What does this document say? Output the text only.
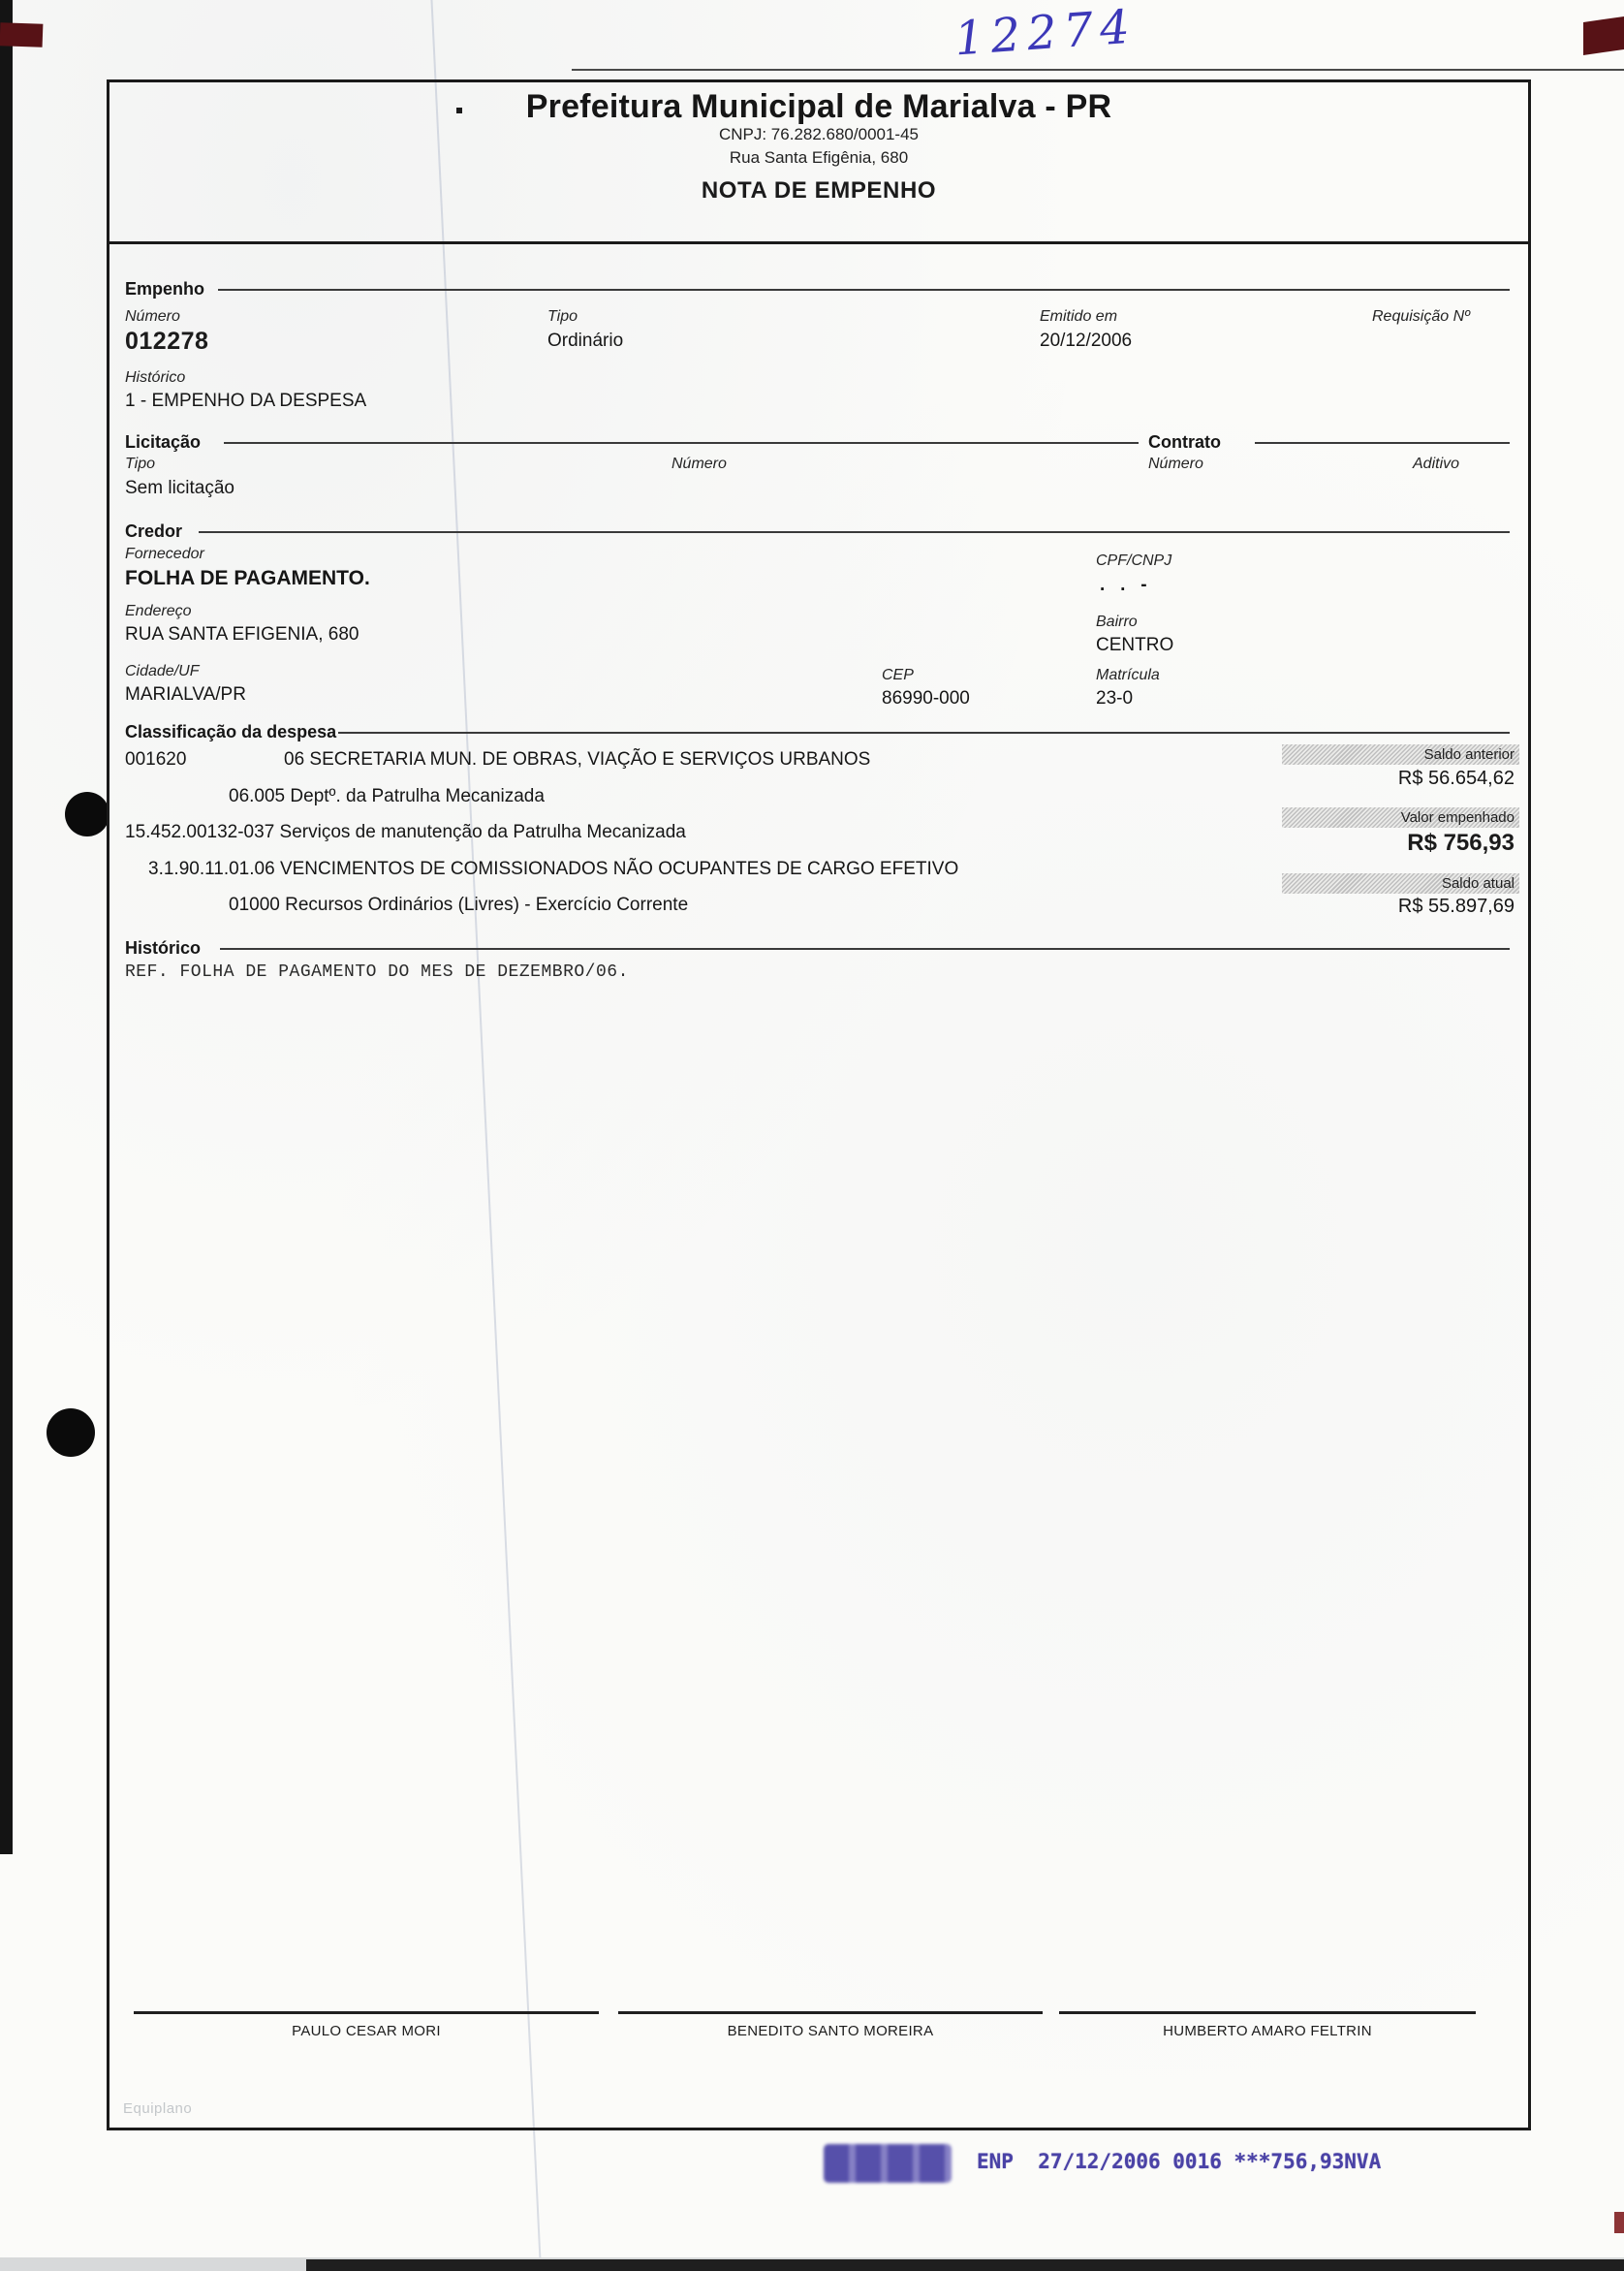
12274
Prefeitura Municipal de Marialva - PR
CNPJ: 76.282.680/0001-45
Rua Santa Efigênia, 680
NOTA DE EMPENHO
Empenho
Número
012278
Tipo
Ordinário
Emitido em
20/12/2006
Requisição Nº
Histórico
1 - EMPENHO DA DESPESA
Licitação	Contrato
Tipo
Sem licitação
Número	Número	Aditivo
Credor
Fornecedor
FOLHA DE PAGAMENTO.
CPF/CNPJ
.   .   -
Endereço
RUA SANTA EFIGENIA, 680
Bairro
CENTRO
Cidade/UF
MARIALVA/PR
CEP
86990-000
Matrícula
23-0
Classificação da despesa
001620	06 SECRETARIA MUN. DE OBRAS, VIAÇÃO E SERVIÇOS URBANOS
06.005 Deptº. da Patrulha Mecanizada
15.452.00132-037 Serviços de manutenção da Patrulha Mecanizada
3.1.90.11.01.06 VENCIMENTOS DE COMISSIONADOS NÃO OCUPANTES DE CARGO EFETIVO
01000 Recursos Ordinários (Livres) - Exercício Corrente
Saldo anterior
R$ 56.654,62
Valor empenhado
R$ 756,93
Saldo atual
R$ 55.897,69
Histórico
REF. FOLHA DE PAGAMENTO DO MES DE DEZEMBRO/06.
PAULO CESAR MORI	BENEDITO SANTO MOREIRA	HUMBERTO AMARO FELTRIN
Equiplano
ENP  27/12/2006 0016 ***756,93NVA
